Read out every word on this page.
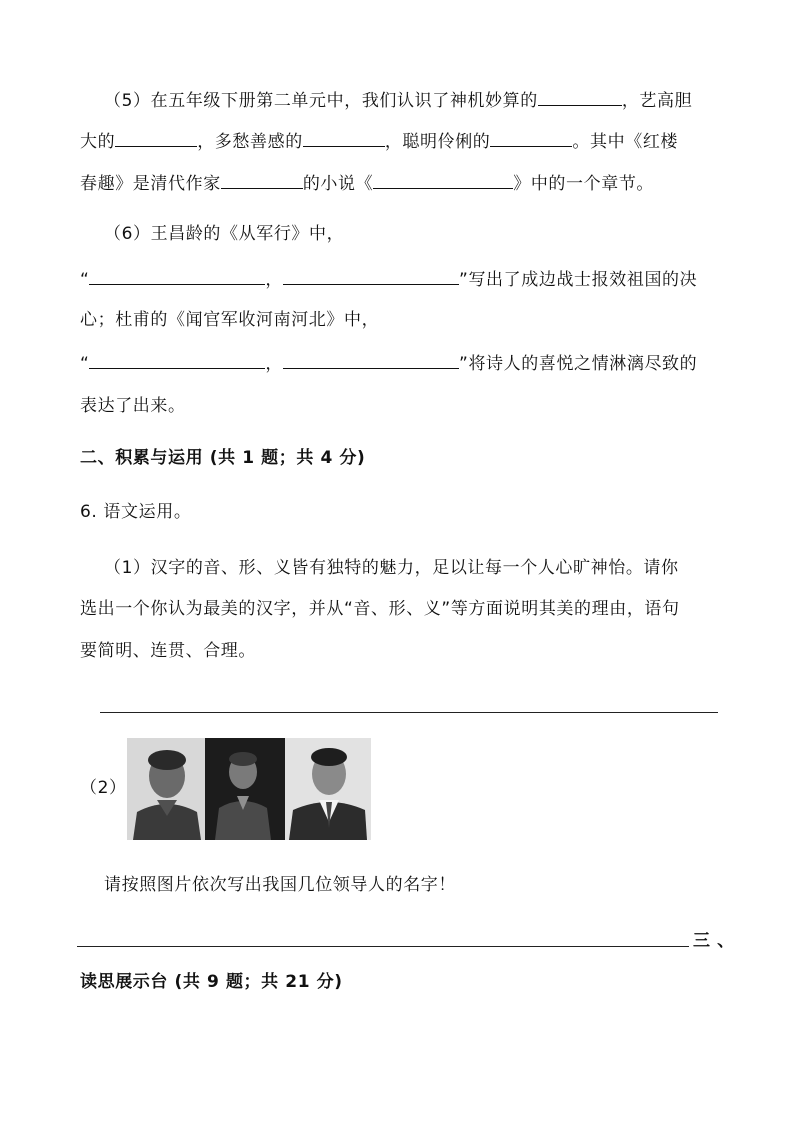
（5）在五年级下册第二单元中，我们认识了神机妙算的	，艺高胆
大的	，多愁善感的	，聪明伶俐的	。其中《红楼
春趣》是清代作家	的小说《	》中的一个章节。
（6）王昌龄的《从军行》中，
“	，	”写出了成边战士报效祖国的决
心；杜甫的《闻官军收河南河北》中，
“	，	”将诗人的喜悦之情淋漓尽致的
表达了出来。
二、积累与运用 (共 1 题；共 4 分)
6. 语文运用。
（1）汉字的音、形、义皆有独特的魅力，足以让每一个人心旷神怡。请你
选出一个你认为最美的汉字，并从“音、形、义”等方面说明其美的理由，语句
要简明、连贯、合理。
（2）
请按照图片依次写出我国几位领导人的名字！
三 、
读思展示台 (共 9 题；共 21 分)
